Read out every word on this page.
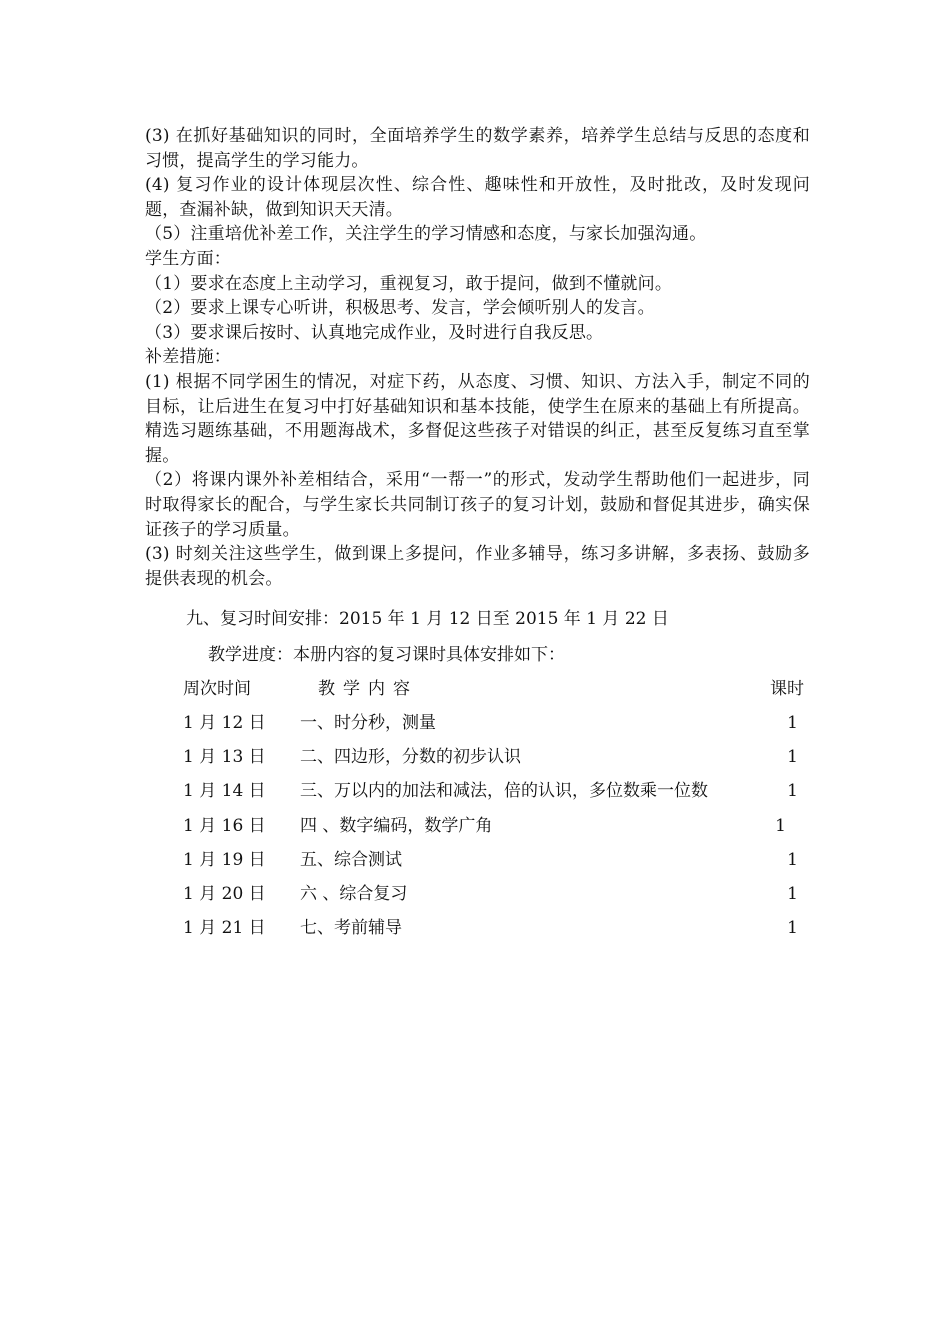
(3) 在抓好基础知识的同时，全面培养学生的数学素养，培养学生总结与反思的态度和习惯，提高学生的学习能力。

(4) 复习作业的设计体现层次性、综合性、趣味性和开放性，及时批改，及时发现问题，查漏补缺，做到知识天天清。

（5）注重培优补差工作，关注学生的学习情感和态度，与家长加强沟通。

学生方面：

（1）要求在态度上主动学习，重视复习，敢于提问，做到不懂就问。

（2）要求上课专心听讲，积极思考、发言，学会倾听别人的发言。

（3）要求课后按时、认真地完成作业，及时进行自我反思。

补差措施：

(1) 根据不同学困生的情况，对症下药，从态度、习惯、知识、方法入手，制定不同的目标，让后进生在复习中打好基础知识和基本技能，使学生在原来的基础上有所提高。精选习题练基础，不用题海战术，多督促这些孩子对错误的纠正，甚至反复练习直至掌握。

（2）将课内课外补差相结合，采用“一帮一”的形式，发动学生帮助他们一起进步，同时取得家长的配合，与学生家长共同制订孩子的复习计划，鼓励和督促其进步，确实保证孩子的学习质量。

(3) 时刻关注这些学生，做到课上多提问，作业多辅导，练习多讲解，多表扬、鼓励多提供表现的机会。

九、复习时间安排：2015 年 1 月 12 日至 2015 年 1 月 22 日
教学进度：本册内容的复习课时具体安排如下：
周次时间	教学内容	课时
1 月 12 日 一、时分秒，测量	1
1 月 13 日 二、四边形，分数的初步认识	1
1 月 14 日 三、万以内的加法和减法，倍的认识，多位数乘一位数	1
1 月 16 日 四 、数字编码，数学广角	1
1 月 19 日 五、综合测试	1
1 月 20 日 六 、综合复习	1
1 月 21 日 七、考前辅导	1
